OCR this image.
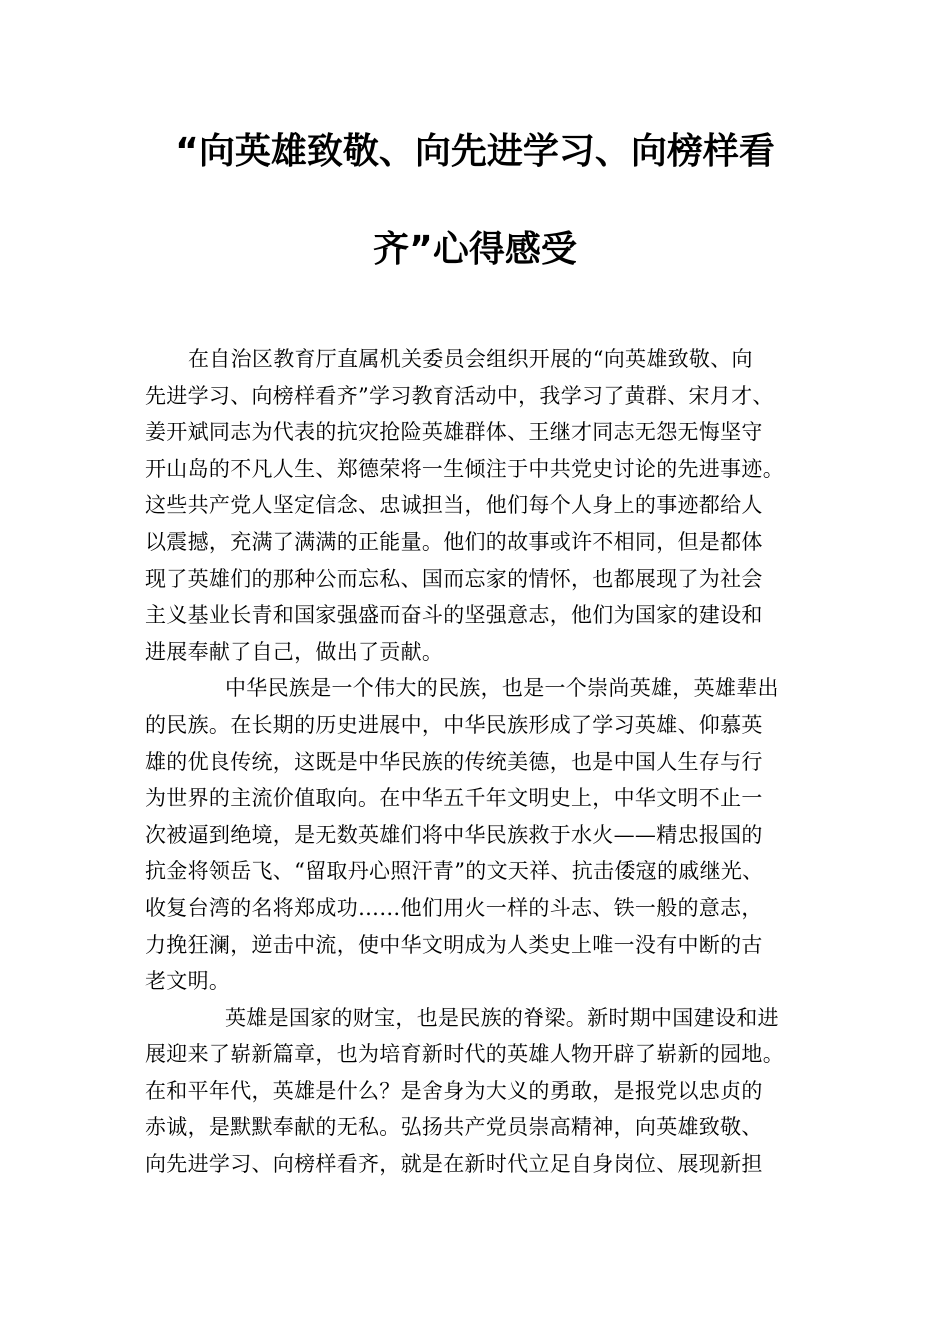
“向英雄致敬、向先进学习、向榜样看
齐”心得感受
在自治区教育厅直属机关委员会组织开展的“向英雄致敬、向
先进学习、向榜样看齐”学习教育活动中，我学习了黄群、宋月才、
姜开斌同志为代表的抗灾抢险英雄群体、王继才同志无怨无悔坚守
开山岛的不凡人生、郑德荣将一生倾注于中共党史讨论的先进事迹。
这些共产党人坚定信念、忠诚担当，他们每个人身上的事迹都给人
以震撼，充满了满满的正能量。他们的故事或许不相同，但是都体
现了英雄们的那种公而忘私、国而忘家的情怀，也都展现了为社会
主义基业长青和国家强盛而奋斗的坚强意志，他们为国家的建设和
进展奉献了自己，做出了贡献。
中华民族是一个伟大的民族，也是一个崇尚英雄，英雄辈出
的民族。在长期的历史进展中，中华民族形成了学习英雄、仰慕英
雄的优良传统，这既是中华民族的传统美德，也是中国人生存与行
为世界的主流价值取向。在中华五千年文明史上，中华文明不止一
次被逼到绝境，是无数英雄们将中华民族救于水火——精忠报国的
抗金将领岳飞、“留取丹心照汗青”的文天祥、抗击倭寇的戚继光、
收复台湾的名将郑成功……他们用火一样的斗志、铁一般的意志，
力挽狂澜，逆击中流，使中华文明成为人类史上唯一没有中断的古
老文明。
英雄是国家的财宝，也是民族的脊梁。新时期中国建设和进
展迎来了崭新篇章，也为培育新时代的英雄人物开辟了崭新的园地。
在和平年代，英雄是什么？是舍身为大义的勇敢，是报党以忠贞的
赤诚，是默默奉献的无私。弘扬共产党员崇高精神，向英雄致敬、
向先进学习、向榜样看齐，就是在新时代立足自身岗位、展现新担
